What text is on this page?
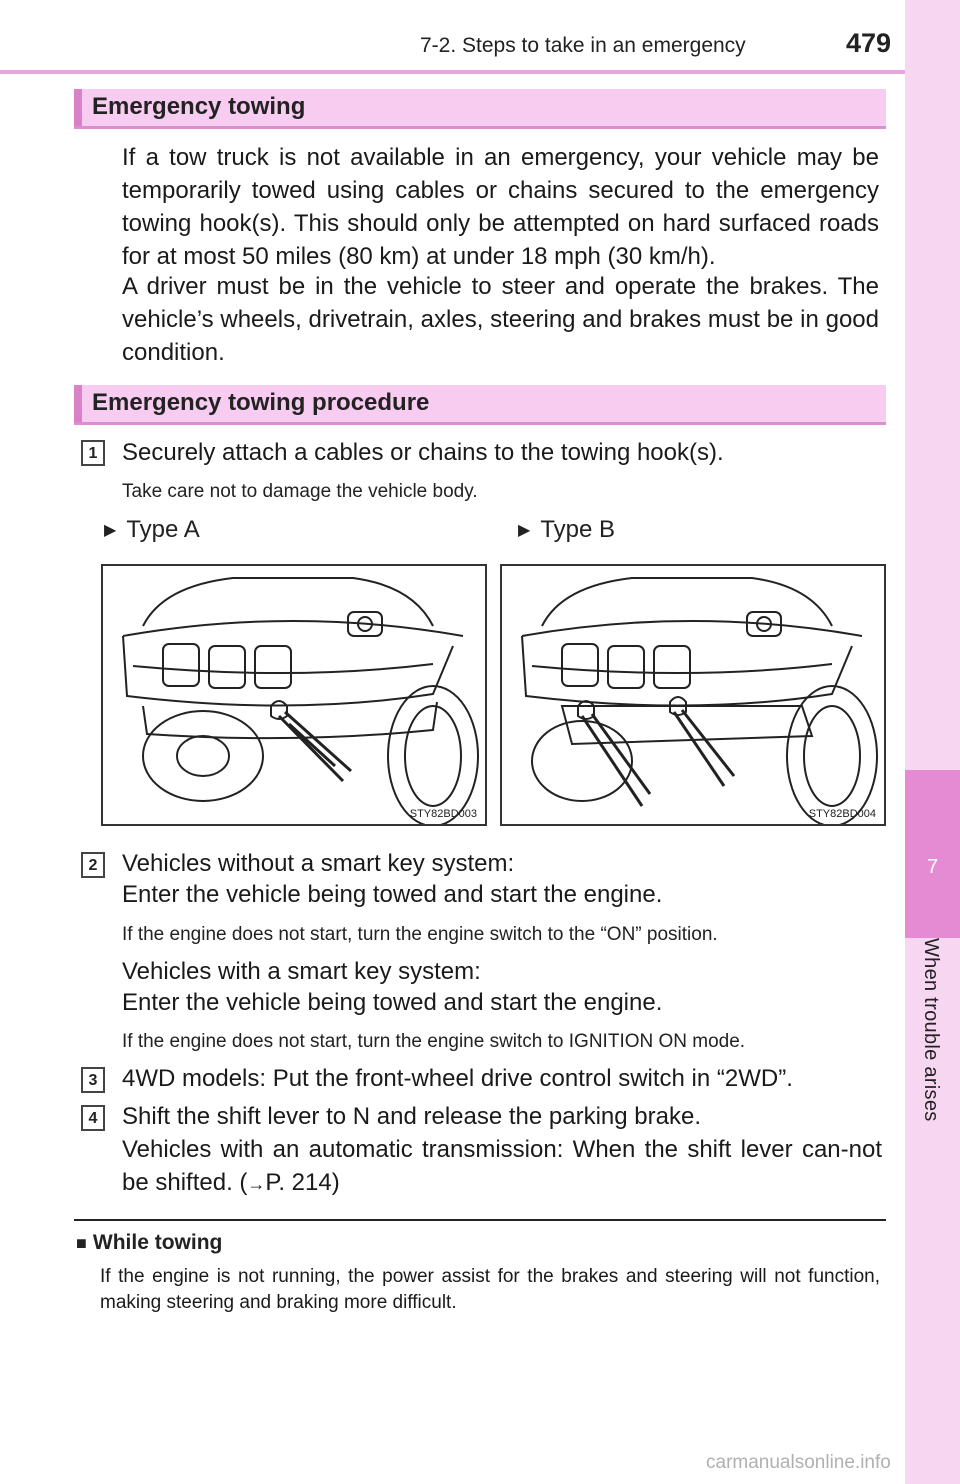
7-2. Steps to take in an emergency	479
7
When trouble arises
Emergency towing

If a tow truck is not available in an emergency, your vehicle may be temporarily towed using cables or chains secured to the emergency towing hook(s). This should only be attempted on hard surfaced roads for at most 50 miles (80 km) at under 18 mph (30 km/h).

A driver must be in the vehicle to steer and operate the brakes. The vehicle’s wheels, drivetrain, axles, steering and brakes must be in good condition.

Emergency towing procedure
1	Securely attach a cables or chains to the towing hook(s).

Take care not to damage the vehicle body.

▶ Type A	▶ Type B
STY82BD003	STY82BD004
2	Vehicles without a smart key system:

Enter the vehicle being towed and start the engine.

If the engine does not start, turn the engine switch to the “ON” position.

Vehicles with a smart key system:

Enter the vehicle being towed and start the engine.

If the engine does not start, turn the engine switch to IGNITION ON mode.

3	4WD models: Put the front-wheel drive control switch in “2WD”.

4	Shift the shift lever to N and release the parking brake.

Vehicles with an automatic transmission: When the shift lever can-not be shifted. (→P. 214)

■ While towing

If the engine is not running, the power assist for the brakes and steering will not function, making steering and braking more difficult.

carmanualsonline.info
